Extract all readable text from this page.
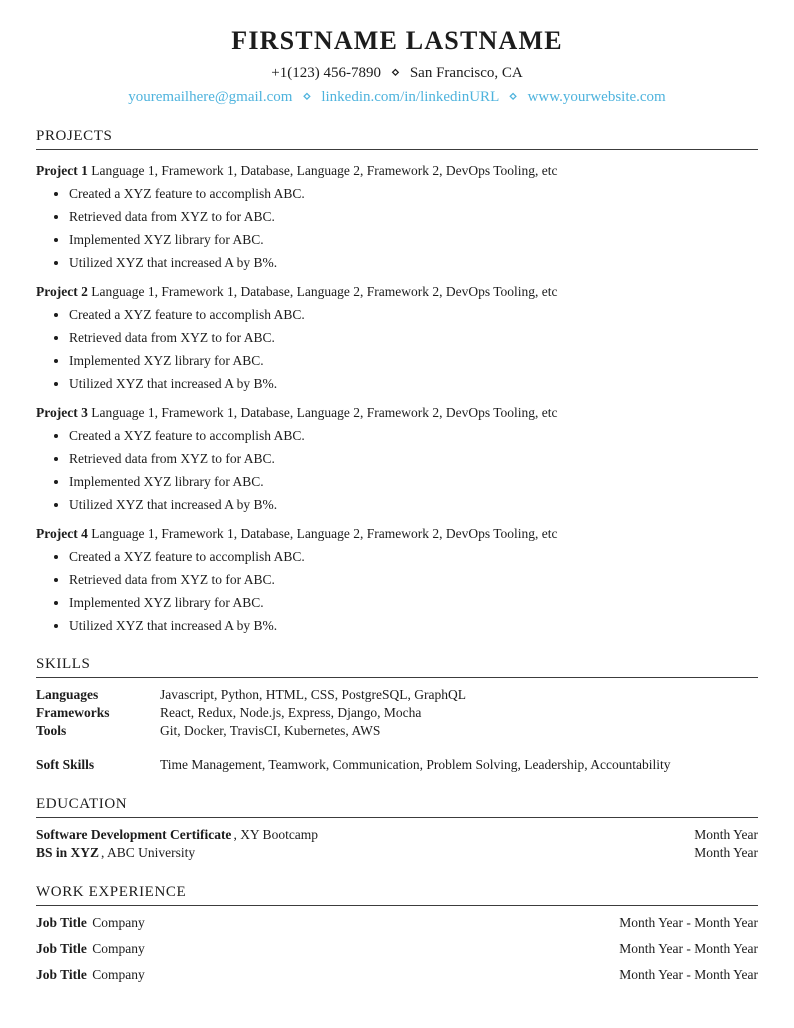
FIRSTNAME LASTNAME
+1(123) 456-7890 ⋄ San Francisco, CA
youremailhere@gmail.com ⋄ linkedin.com/in/linkedinURL ⋄ www.yourwebsite.com
PROJECTS
Project 1 Language 1, Framework 1, Database, Language 2, Framework 2, DevOps Tooling, etc
• Created a XYZ feature to accomplish ABC.
• Retrieved data from XYZ to for ABC.
• Implemented XYZ library for ABC.
• Utilized XYZ that increased A by B%.
Project 2 Language 1, Framework 1, Database, Language 2, Framework 2, DevOps Tooling, etc
• Created a XYZ feature to accomplish ABC.
• Retrieved data from XYZ to for ABC.
• Implemented XYZ library for ABC.
• Utilized XYZ that increased A by B%.
Project 3 Language 1, Framework 1, Database, Language 2, Framework 2, DevOps Tooling, etc
• Created a XYZ feature to accomplish ABC.
• Retrieved data from XYZ to for ABC.
• Implemented XYZ library for ABC.
• Utilized XYZ that increased A by B%.
Project 4 Language 1, Framework 1, Database, Language 2, Framework 2, DevOps Tooling, etc
• Created a XYZ feature to accomplish ABC.
• Retrieved data from XYZ to for ABC.
• Implemented XYZ library for ABC.
• Utilized XYZ that increased A by B%.
SKILLS
Languages	Javascript, Python, HTML, CSS, PostgreSQL, GraphQL
Frameworks	React, Redux, Node.js, Express, Django, Mocha
Tools	Git, Docker, TravisCI, Kubernetes, AWS
Soft Skills	Time Management, Teamwork, Communication, Problem Solving, Leadership, Accountability
EDUCATION
Software Development Certificate , XY Bootcamp	Month Year
BS in XYZ , ABC University	Month Year
WORK EXPERIENCE
Job Title Company	Month Year - Month Year
Job Title Company	Month Year - Month Year
Job Title Company	Month Year - Month Year
